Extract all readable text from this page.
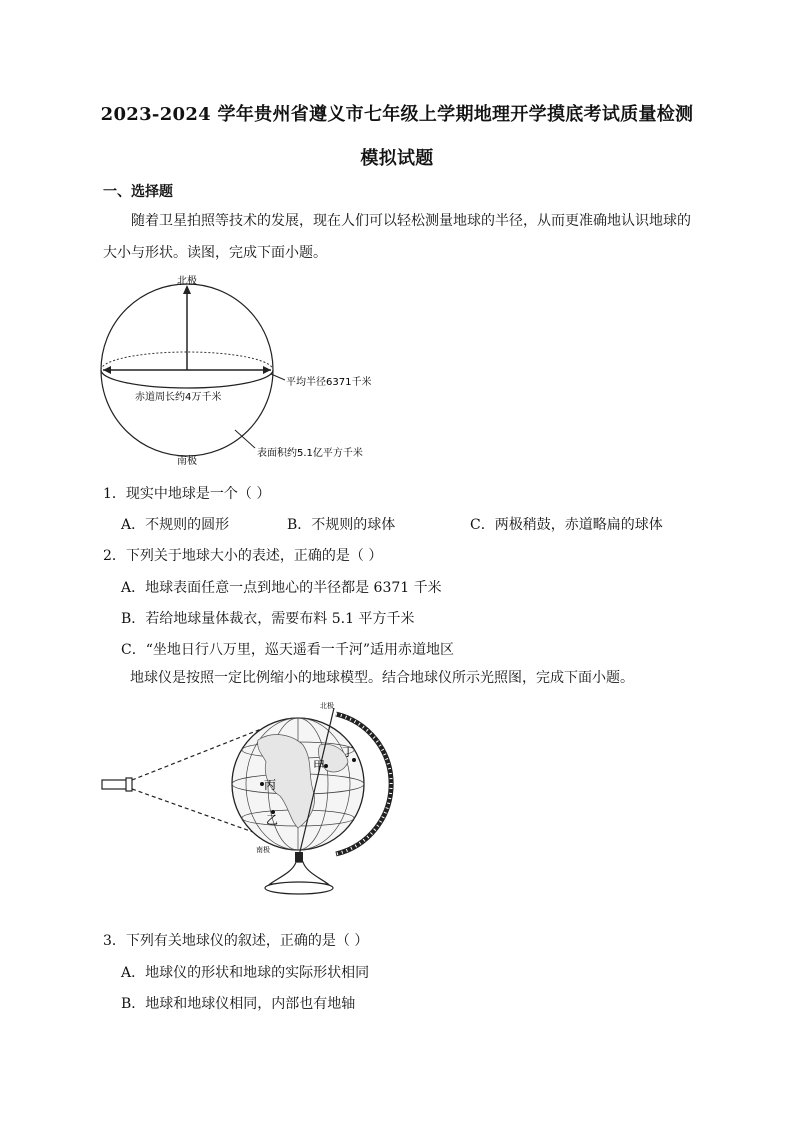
2023-2024 学年贵州省遵义市七年级上学期地理开学摸底考试质量检测
模拟试题
一、选择题
随着卫星拍照等技术的发展，现在人们可以轻松测量地球的半径，从而更准确地认识地球的
大小与形状。读图，完成下面小题。
北极
南极
平均半径6371千米
赤道周长约4万千米
表面积约5.1亿平方千米
1．现实中地球是一个（ ）
A．不规则的圆形	B．不规则的球体	C．两极稍鼓，赤道略扁的球体
2．下列关于地球大小的表述，正确的是（ ）
A．地球表面任意一点到地心的半径都是 6371 千米
B．若给地球量体裁衣，需要布料 5.1 平方千米
C．“坐地日行八万里，巡天遥看一千河”适用赤道地区
地球仪是按照一定比例缩小的地球模型。结合地球仪所示光照图，完成下面小题。
北极
南极
甲
丁
丙
乙
3．下列有关地球仪的叙述，正确的是（ ）
A．地球仪的形状和地球的实际形状相同
B．地球和地球仪相同，内部也有地轴
